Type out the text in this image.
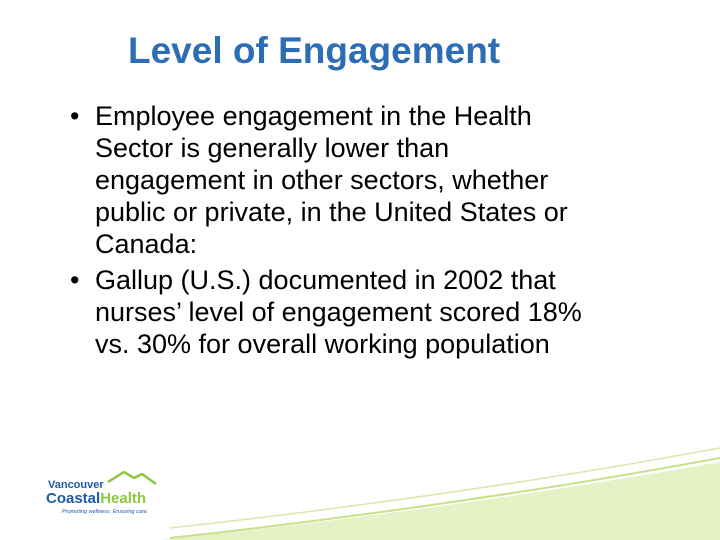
Level of Engagement
• Employee engagement in the Health
Sector is generally lower than
engagement in other sectors, whether
public or private, in the United States or
Canada:
• Gallup (U.S.) documented in 2002 that
nurses’ level of engagement scored 18%
vs. 30% for overall working population
Vancouver
CoastalHealth
Promoting wellness. Ensuring care.
